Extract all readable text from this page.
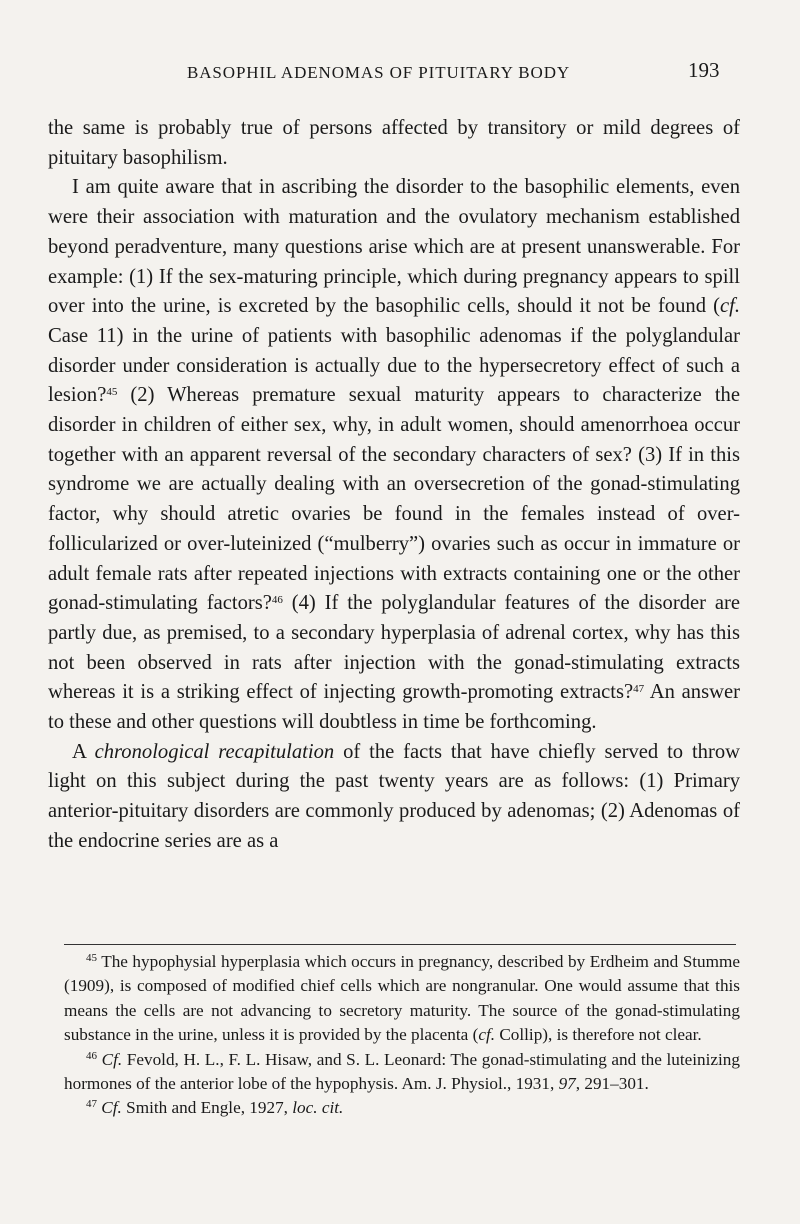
BASOPHIL ADENOMAS OF PITUITARY BODY	193

the same is probably true of persons affected by transitory or mild degrees of pituitary basophilism.

I am quite aware that in ascribing the disorder to the basophilic elements, even were their association with maturation and the ovulatory mechanism established beyond peradventure, many questions arise which are at present unanswerable. For example: (1) If the sex-maturing principle, which during pregnancy appears to spill over into the urine, is excreted by the basophilic cells, should it not be found (cf. Case 11) in the urine of patients with basophilic adenomas if the polyglandular disorder under consideration is actually due to the hypersecretory effect of such a lesion?$^{45}$ (2) Whereas premature sexual maturity appears to characterize the disorder in children of either sex, why, in adult women, should amenorrhoea occur together with an apparent reversal of the secondary characters of sex? (3) If in this syndrome we are actually dealing with an oversecretion of the gonad-stimulating factor, why should atretic ovaries be found in the females instead of over-follicularized or over-luteinized (“mulberry”) ovaries such as occur in immature or adult female rats after repeated injections with extracts containing one or the other gonad-stimulating factors?$^{46}$ (4) If the polyglandular features of the disorder are partly due, as premised, to a secondary hyperplasia of adrenal cortex, why has this not been observed in rats after injection with the gonad-stimulating extracts whereas it is a striking effect of injecting growth-promoting extracts?$^{47}$ An answer to these and other questions will doubtless in time be forthcoming.

A chronological recapitulation of the facts that have chiefly served to throw light on this subject during the past twenty years are as follows: (1) Primary anterior-pituitary disorders are commonly produced by adenomas; (2) Adenomas of the endocrine series are as a

$^{45}$ The hypophysial hyperplasia which occurs in pregnancy, described by Erdheim and Stumme (1909), is composed of modified chief cells which are nongranular. One would assume that this means the cells are not advancing to secretory maturity. The source of the gonad-stimulating substance in the urine, unless it is provided by the placenta (cf. Collip), is therefore not clear.

$^{46}$ Cf. Fevold, H. L., F. L. Hisaw, and S. L. Leonard: The gonad-stimulating and the luteinizing hormones of the anterior lobe of the hypophysis. Am. J. Physiol., 1931, 97, 291–301.

$^{47}$ Cf. Smith and Engle, 1927, loc. cit.
